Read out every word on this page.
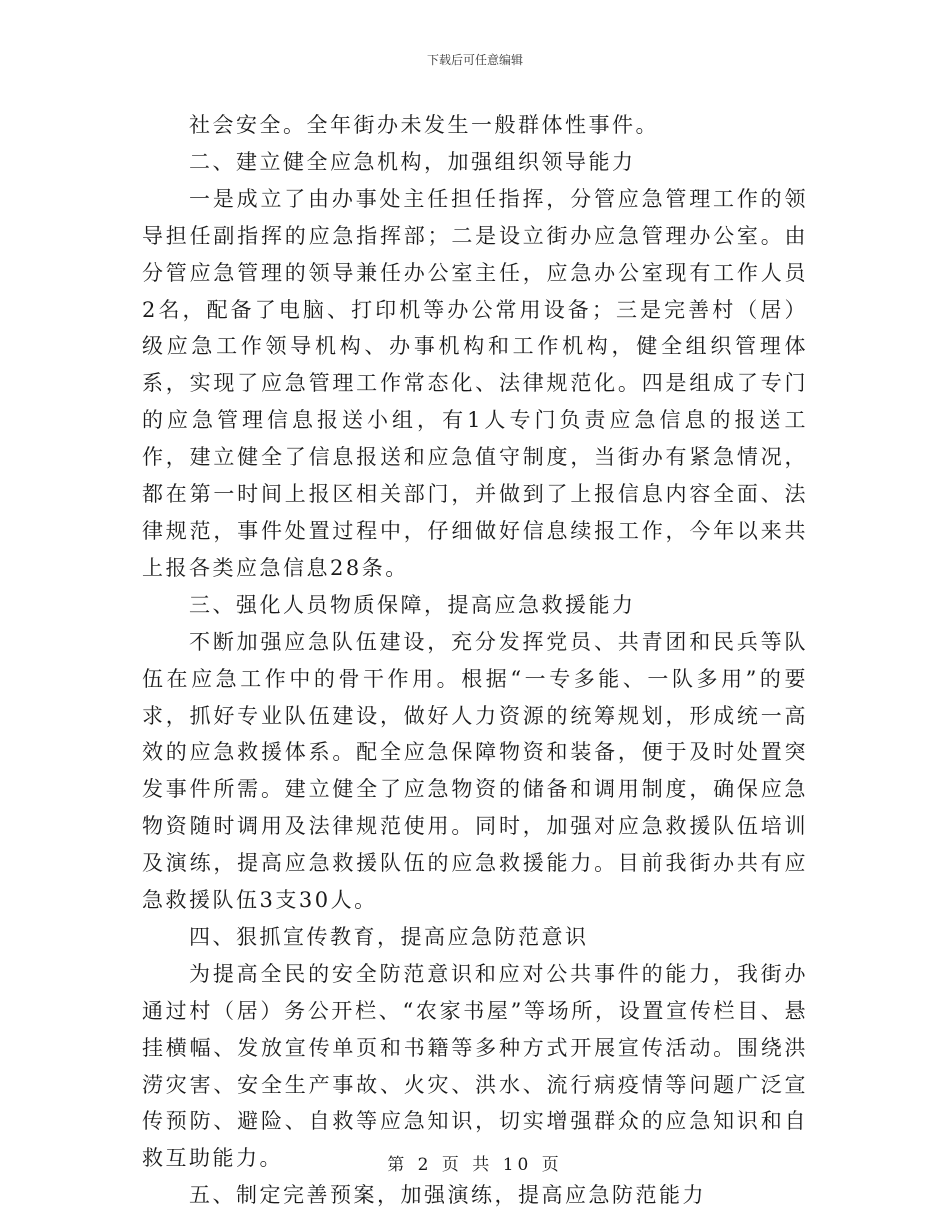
下载后可任意编辑

社会安全。全年街办未发生一般群体性事件。

二、建立健全应急机构，加强组织领导能力

一是成立了由办事处主任担任指挥，分管应急管理工作的领导担任副指挥的应急指挥部；二是设立街办应急管理办公室。由分管应急管理的领导兼任办公室主任，应急办公室现有工作人员2名，配备了电脑、打印机等办公常用设备；三是完善村（居）级应急工作领导机构、办事机构和工作机构，健全组织管理体系，实现了应急管理工作常态化、法律规范化。四是组成了专门的应急管理信息报送小组，有1人专门负责应急信息的报送工作，建立健全了信息报送和应急值守制度，当街办有紧急情况，都在第一时间上报区相关部门，并做到了上报信息内容全面、法律规范，事件处置过程中，仔细做好信息续报工作，今年以来共上报各类应急信息28条。

三、强化人员物质保障，提高应急救援能力

不断加强应急队伍建设，充分发挥党员、共青团和民兵等队伍在应急工作中的骨干作用。根据“一专多能、一队多用”的要求，抓好专业队伍建设，做好人力资源的统筹规划，形成统一高效的应急救援体系。配全应急保障物资和装备，便于及时处置突发事件所需。建立健全了应急物资的储备和调用制度，确保应急物资随时调用及法律规范使用。同时，加强对应急救援队伍培训及演练，提高应急救援队伍的应急救援能力。目前我街办共有应急救援队伍3支30人。

四、狠抓宣传教育，提高应急防范意识

为提高全民的安全防范意识和应对公共事件的能力，我街办通过村（居）务公开栏、“农家书屋”等场所，设置宣传栏目、悬挂横幅、发放宣传单页和书籍等多种方式开展宣传活动。围绕洪涝灾害、安全生产事故、火灾、洪水、流行病疫情等问题广泛宣传预防、避险、自救等应急知识，切实增强群众的应急知识和自救互助能力。

五、制定完善预案，加强演练，提高应急防范能力

第 2 页 共 10 页
